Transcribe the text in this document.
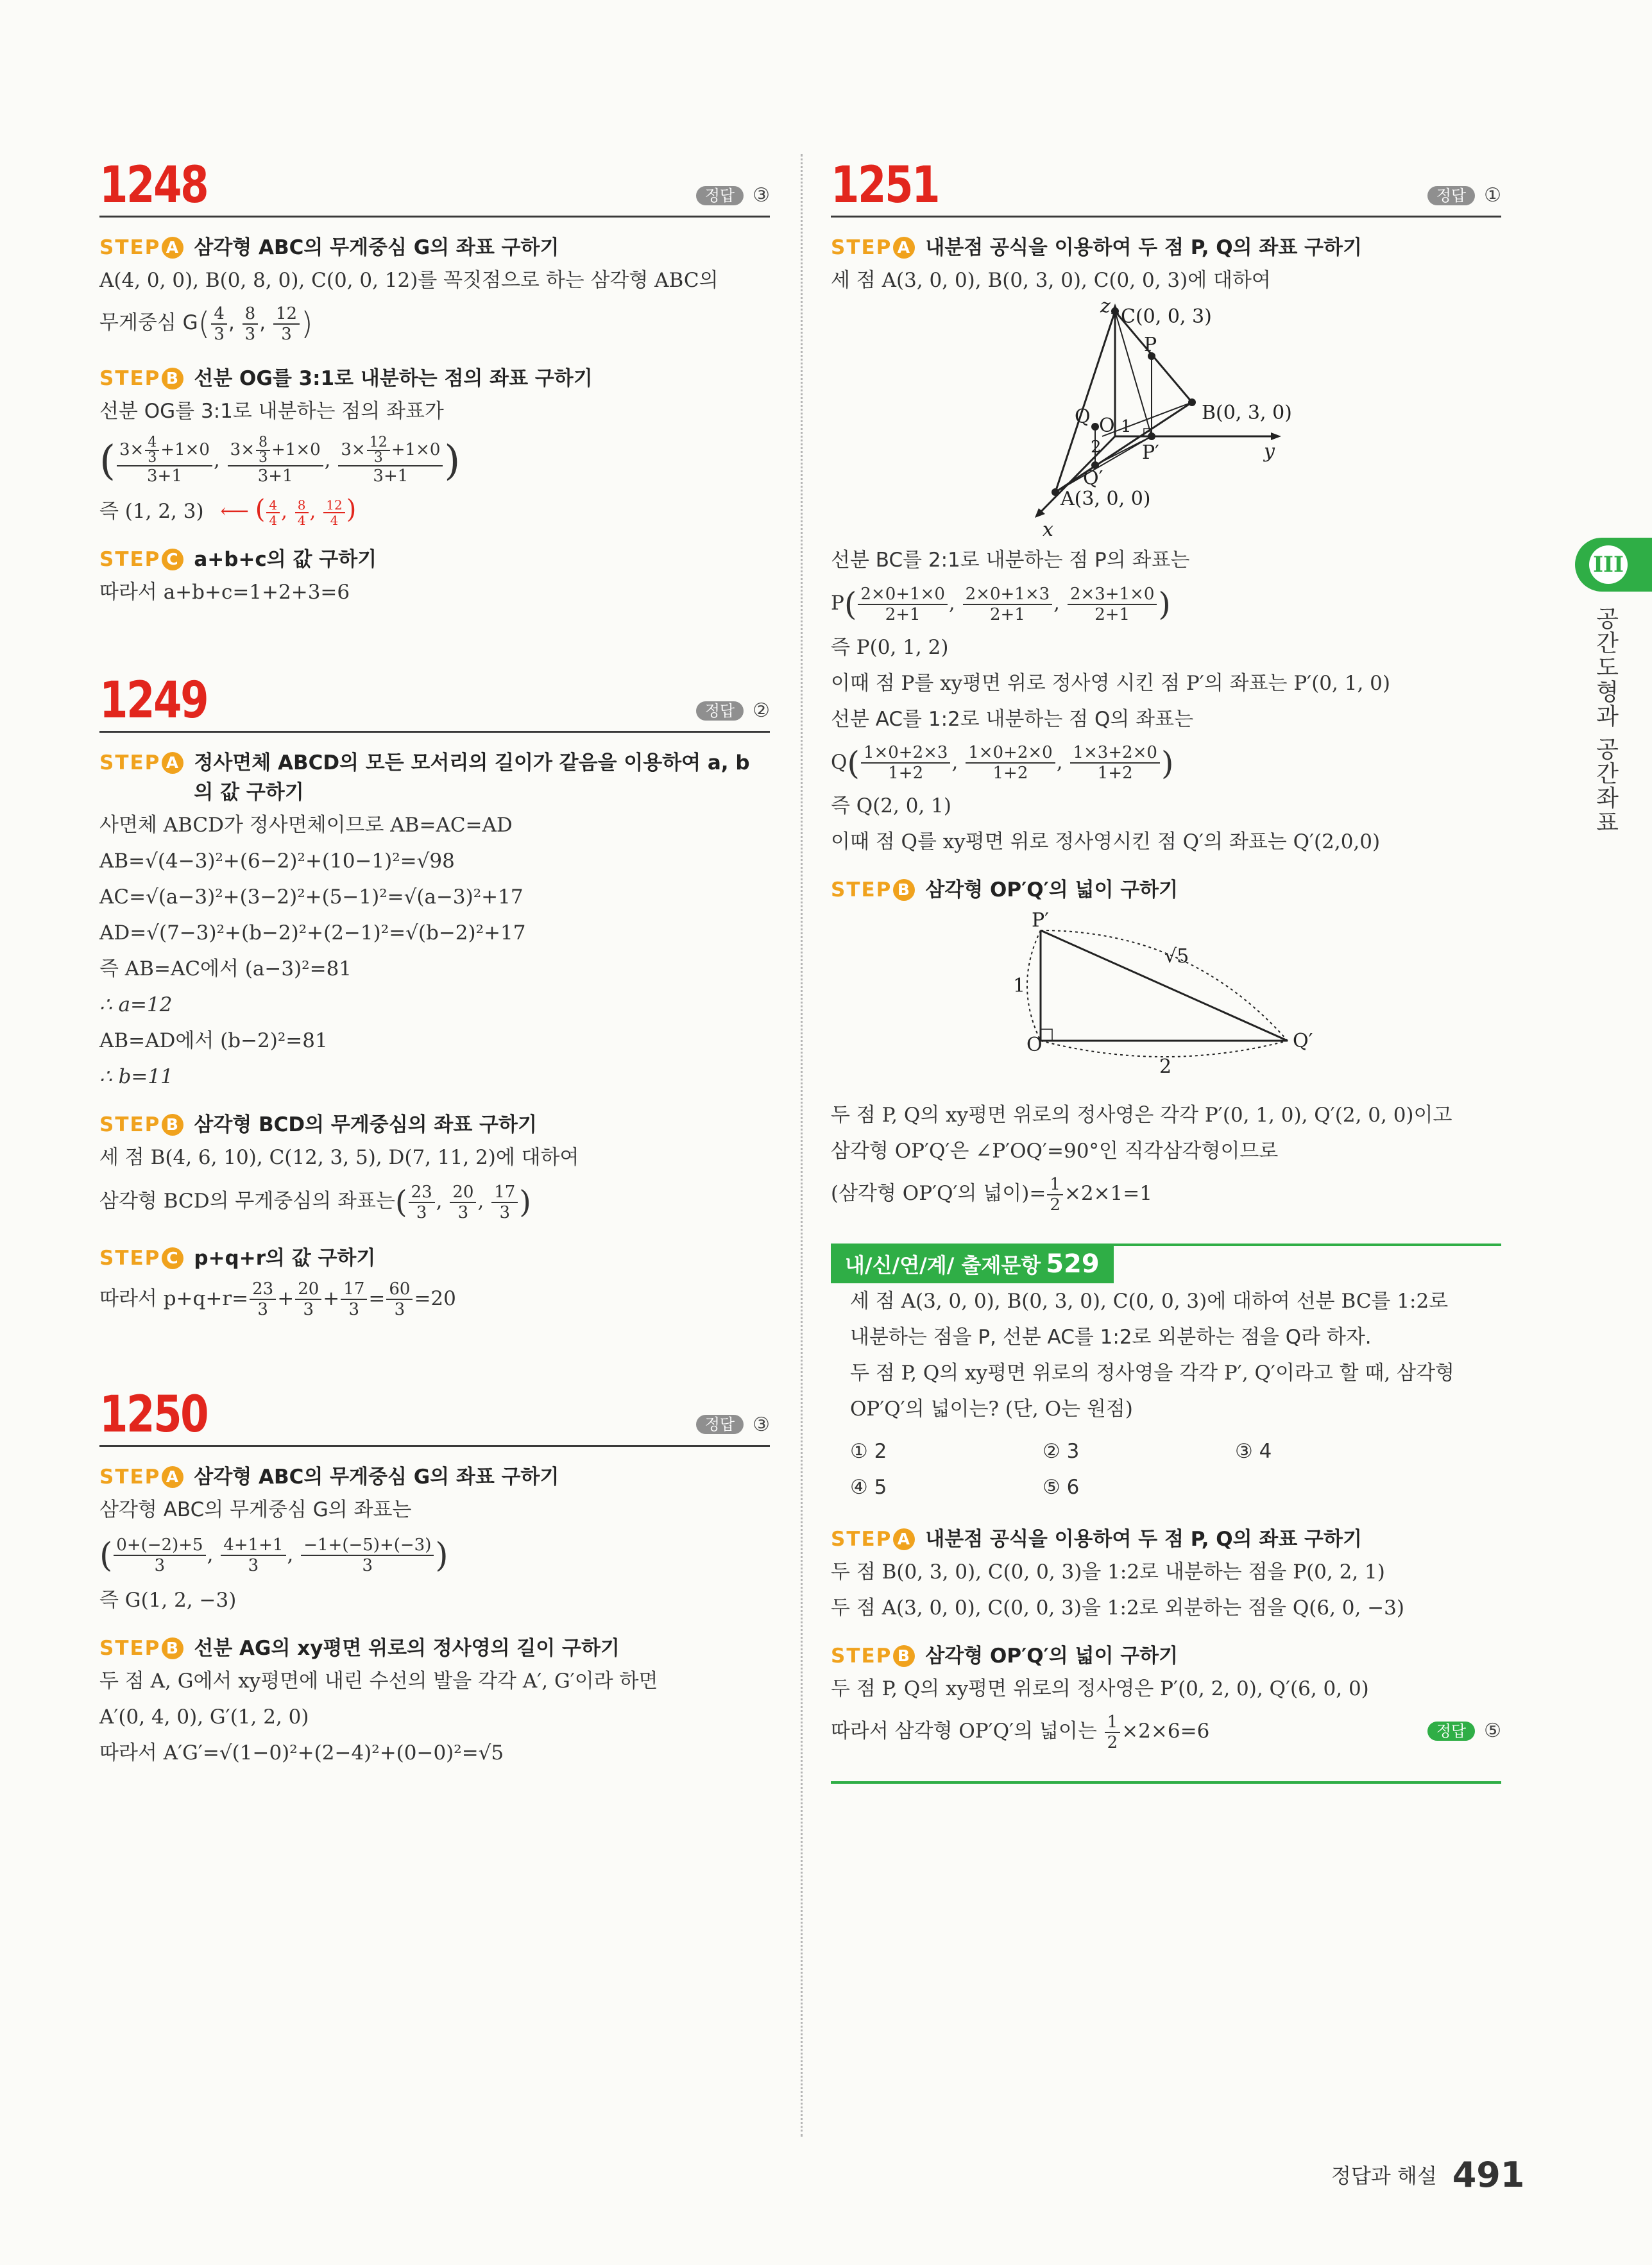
1248	정답 ③
STEP A 삼각형 ABC의 무게중심 G의 좌표 구하기
A(4, 0, 0), B(0, 8, 0), C(0, 0, 12)를 꼭짓점으로 하는 삼각형 ABC의
무게중심 $G( \frac{4}{3}$ , $\frac{8}{3}$ , $\frac{12}{3}$ )
STEP B 선분 OG를 3:1로 내분하는 점의 좌표 구하기
선분 OG를 3:1로 내분하는 점의 좌표가
( $\frac{3\times \frac{4}{3} +1\times 0}{3+1}$ , $\frac{3\times \frac{8}{3} +1\times 0}{3+1}$ , $\frac{3\times \frac{12}{3} +1\times 0}{3+1}$ )
즉 (1, 2, 3) ⟵ ( $\frac{4}{4}$ , $\frac{8}{4}$ , $\frac{12}{4}$ )
STEP C a+b+c의 값 구하기
따라서 a+b+c=1+2+3=6
1249	정답 ②
STEP A 정사면체 ABCD의 모든 모서리의 길이가 같음을 이용하여 a, b
의 값 구하기
사면체 ABCD가 정사면체이므로 AB=AC=AD
AB=√(4−3)²+(6−2)²+(10−1)²=√98
AC=√(a−3)²+(3−2)²+(5−1)²=√(a−3)²+17
AD=√(7−3)²+(b−2)²+(2−1)²=√(b−2)²+17
즉 AB=AC에서 (a−3)²=81
∴ a=12
AB=AD에서 (b−2)²=81
∴ b=11
STEP B 삼각형 BCD의 무게중심의 좌표 구하기
세 점 B(4, 6, 10), C(12, 3, 5), D(7, 11, 2)에 대하여
삼각형 BCD의 무게중심의 좌표는( $\frac{23}{3}$ , $\frac{20}{3}$ , $\frac{17}{3}$ )
STEP C p+q+r의 값 구하기
따라서 $p+q+r= \frac{23}{3} + \frac{20}{3} + \frac{17}{3} = \frac{60}{3} =20$
1250	정답 ③
STEP A 삼각형 ABC의 무게중심 G의 좌표 구하기
삼각형 ABC의 무게중심 G의 좌표는
( $\frac{0+(-2)+5}{3}$ , $\frac{4+1+1}{3}$ , $\frac{-1+(-5)+(-3)}{3}$ )
즉 G(1, 2, −3)
STEP B 선분 AG의 xy평면 위로의 정사영의 길이 구하기
두 점 A, G에서 xy평면에 내린 수선의 발을 각각 A′, G′이라 하면
A′(0, 4, 0), G′(1, 2, 0)
따라서 A′G′=√(1−0)²+(2−4)²+(0−0)²=√5
1251	정답 ①
STEP A 내분점 공식을 이용하여 두 점 P, Q의 좌표 구하기
세 점 A(3, 0, 0), B(0, 3, 0), C(0, 0, 3)에 대하여
z
y
x
C(0, 0, 3)
P
Q O 1
2
B(0, 3, 0)
P′
Q′
A(3, 0, 0)
선분 BC를 2:1로 내분하는 점 P의 좌표는
$P( \frac{2\times 0+1\times 0}{2+1}$ , $\frac{2\times 0+1\times 3}{2+1}$ , $\frac{2\times 3+1\times 0}{2+1}$ )
즉 P(0, 1, 2)
이때 점 P를 xy평면 위로 정사영 시킨 점 P′의 좌표는 P′(0, 1, 0)
선분 AC를 1:2로 내분하는 점 Q의 좌표는
$Q( \frac{1\times 0+2\times 3}{1+2}$ , $\frac{1\times 0+2\times 0}{1+2}$ , $\frac{1\times 3+2\times 0}{1+2}$ )
즉 Q(2, 0, 1)
이때 점 Q를 xy평면 위로 정사영시킨 점 Q′의 좌표는 Q′(2,0,0)
STEP B 삼각형 OP′Q′의 넓이 구하기
P′
O	Q′
1
2
√5
두 점 P, Q의 xy평면 위로의 정사영은 각각 P′(0, 1, 0), Q′(2, 0, 0)이고
삼각형 OP′Q′은 ∠P′OQ′=90°인 직각삼각형이므로
(삼각형 OP′Q′의 넓이)= $\frac{1}{2} \times 2\times 1=1$
내/신/연/계/ 출제문항 529
세 점 A(3, 0, 0), B(0, 3, 0), C(0, 0, 3)에 대하여 선분 BC를 1:2로
내분하는 점을 P, 선분 AC를 1:2로 외분하는 점을 Q라 하자.
두 점 P, Q의 xy평면 위로의 정사영을 각각 P′, Q′이라고 할 때, 삼각형
OP′Q′의 넓이는? (단, O는 원점)
① 2	② 3	③ 4
④ 5	⑤ 6
STEP A 내분점 공식을 이용하여 두 점 P, Q의 좌표 구하기
두 점 B(0, 3, 0), C(0, 0, 3)을 1:2로 내분하는 점을 P(0, 2, 1)
두 점 A(3, 0, 0), C(0, 0, 3)을 1:2로 외분하는 점을 Q(6, 0, −3)
STEP B 삼각형 OP′Q′의 넓이 구하기
두 점 P, Q의 xy평면 위로의 정사영은 P′(0, 2, 0), Q′(6, 0, 0)
따라서 삼각형 OP′Q′의 넓이는 $\frac{1}{2} \times 2\times 6=6$	정답 ⑤
III
공간도형과 공간좌표
정답과 해설 491
